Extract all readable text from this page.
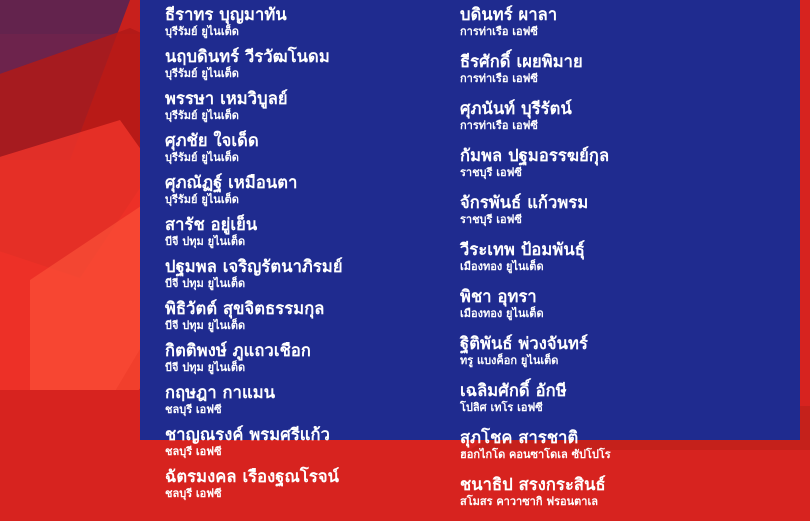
ธีราทร บุญมาทัน
บุรีรัมย์ ยูไนเต็ด
นฤบดินทร์ วีรวัฒโนดม
บุรีรัมย์ ยูไนเต็ด
พรรษา เหมวิบูลย์
บุรีรัมย์ ยูไนเต็ด
ศุภชัย ใจเด็ด
บุรีรัมย์ ยูไนเต็ด
ศุภณัฏฐ์ เหมือนตา
บุรีรัมย์ ยูไนเต็ด
สารัช อยู่เย็น
บีจี ปทุม ยูไนเต็ด
ปฐมพล เจริญรัตนาภิรมย์
บีจี ปทุม ยูไนเต็ด
พิธิวัตต์ สุขจิตธรรมกุล
บีจี ปทุม ยูไนเต็ด
กิตติพงษ์ ภูแถวเชือก
บีจี ปทุม ยูไนเต็ด
กฤษฎา กาแมน
ชลบุรี เอฟซี
ชาญณรงค์ พรมศรีแก้ว
ชลบุรี เอฟซี
ฉัตรมงคล เรืองฐณโรจน์
ชลบุรี เอฟซี
บดินทร์ ผาลา
การท่าเรือ เอฟซี
ธีรศักดิ์ เผยพิมาย
การท่าเรือ เอฟซี
ศุภนันท์ บุรีรัตน์
การท่าเรือ เอฟซี
กัมพล ปฐมอรรฆย์กุล
ราชบุรี เอฟซี
จักรพันธ์ แก้วพรม
ราชบุรี เอฟซี
วีระเทพ ป้อมพันธุ์
เมืองทอง ยูไนเต็ด
พิชา อุทรา
เมืองทอง ยูไนเต็ด
ฐิติพันธ์ พ่วงจันทร์
ทรู แบงค็อก ยูไนเต็ด
เฉลิมศักดิ์ อักษี
โปลิศ เทโร เอฟซี
สุภโชค สารชาติ
ฮอกไกโด คอนซาโดเล ซัปโปโร
ชนาธิป สรงกระสินธ์
สโมสร คาวาซากิ ฟรอนตาเล
